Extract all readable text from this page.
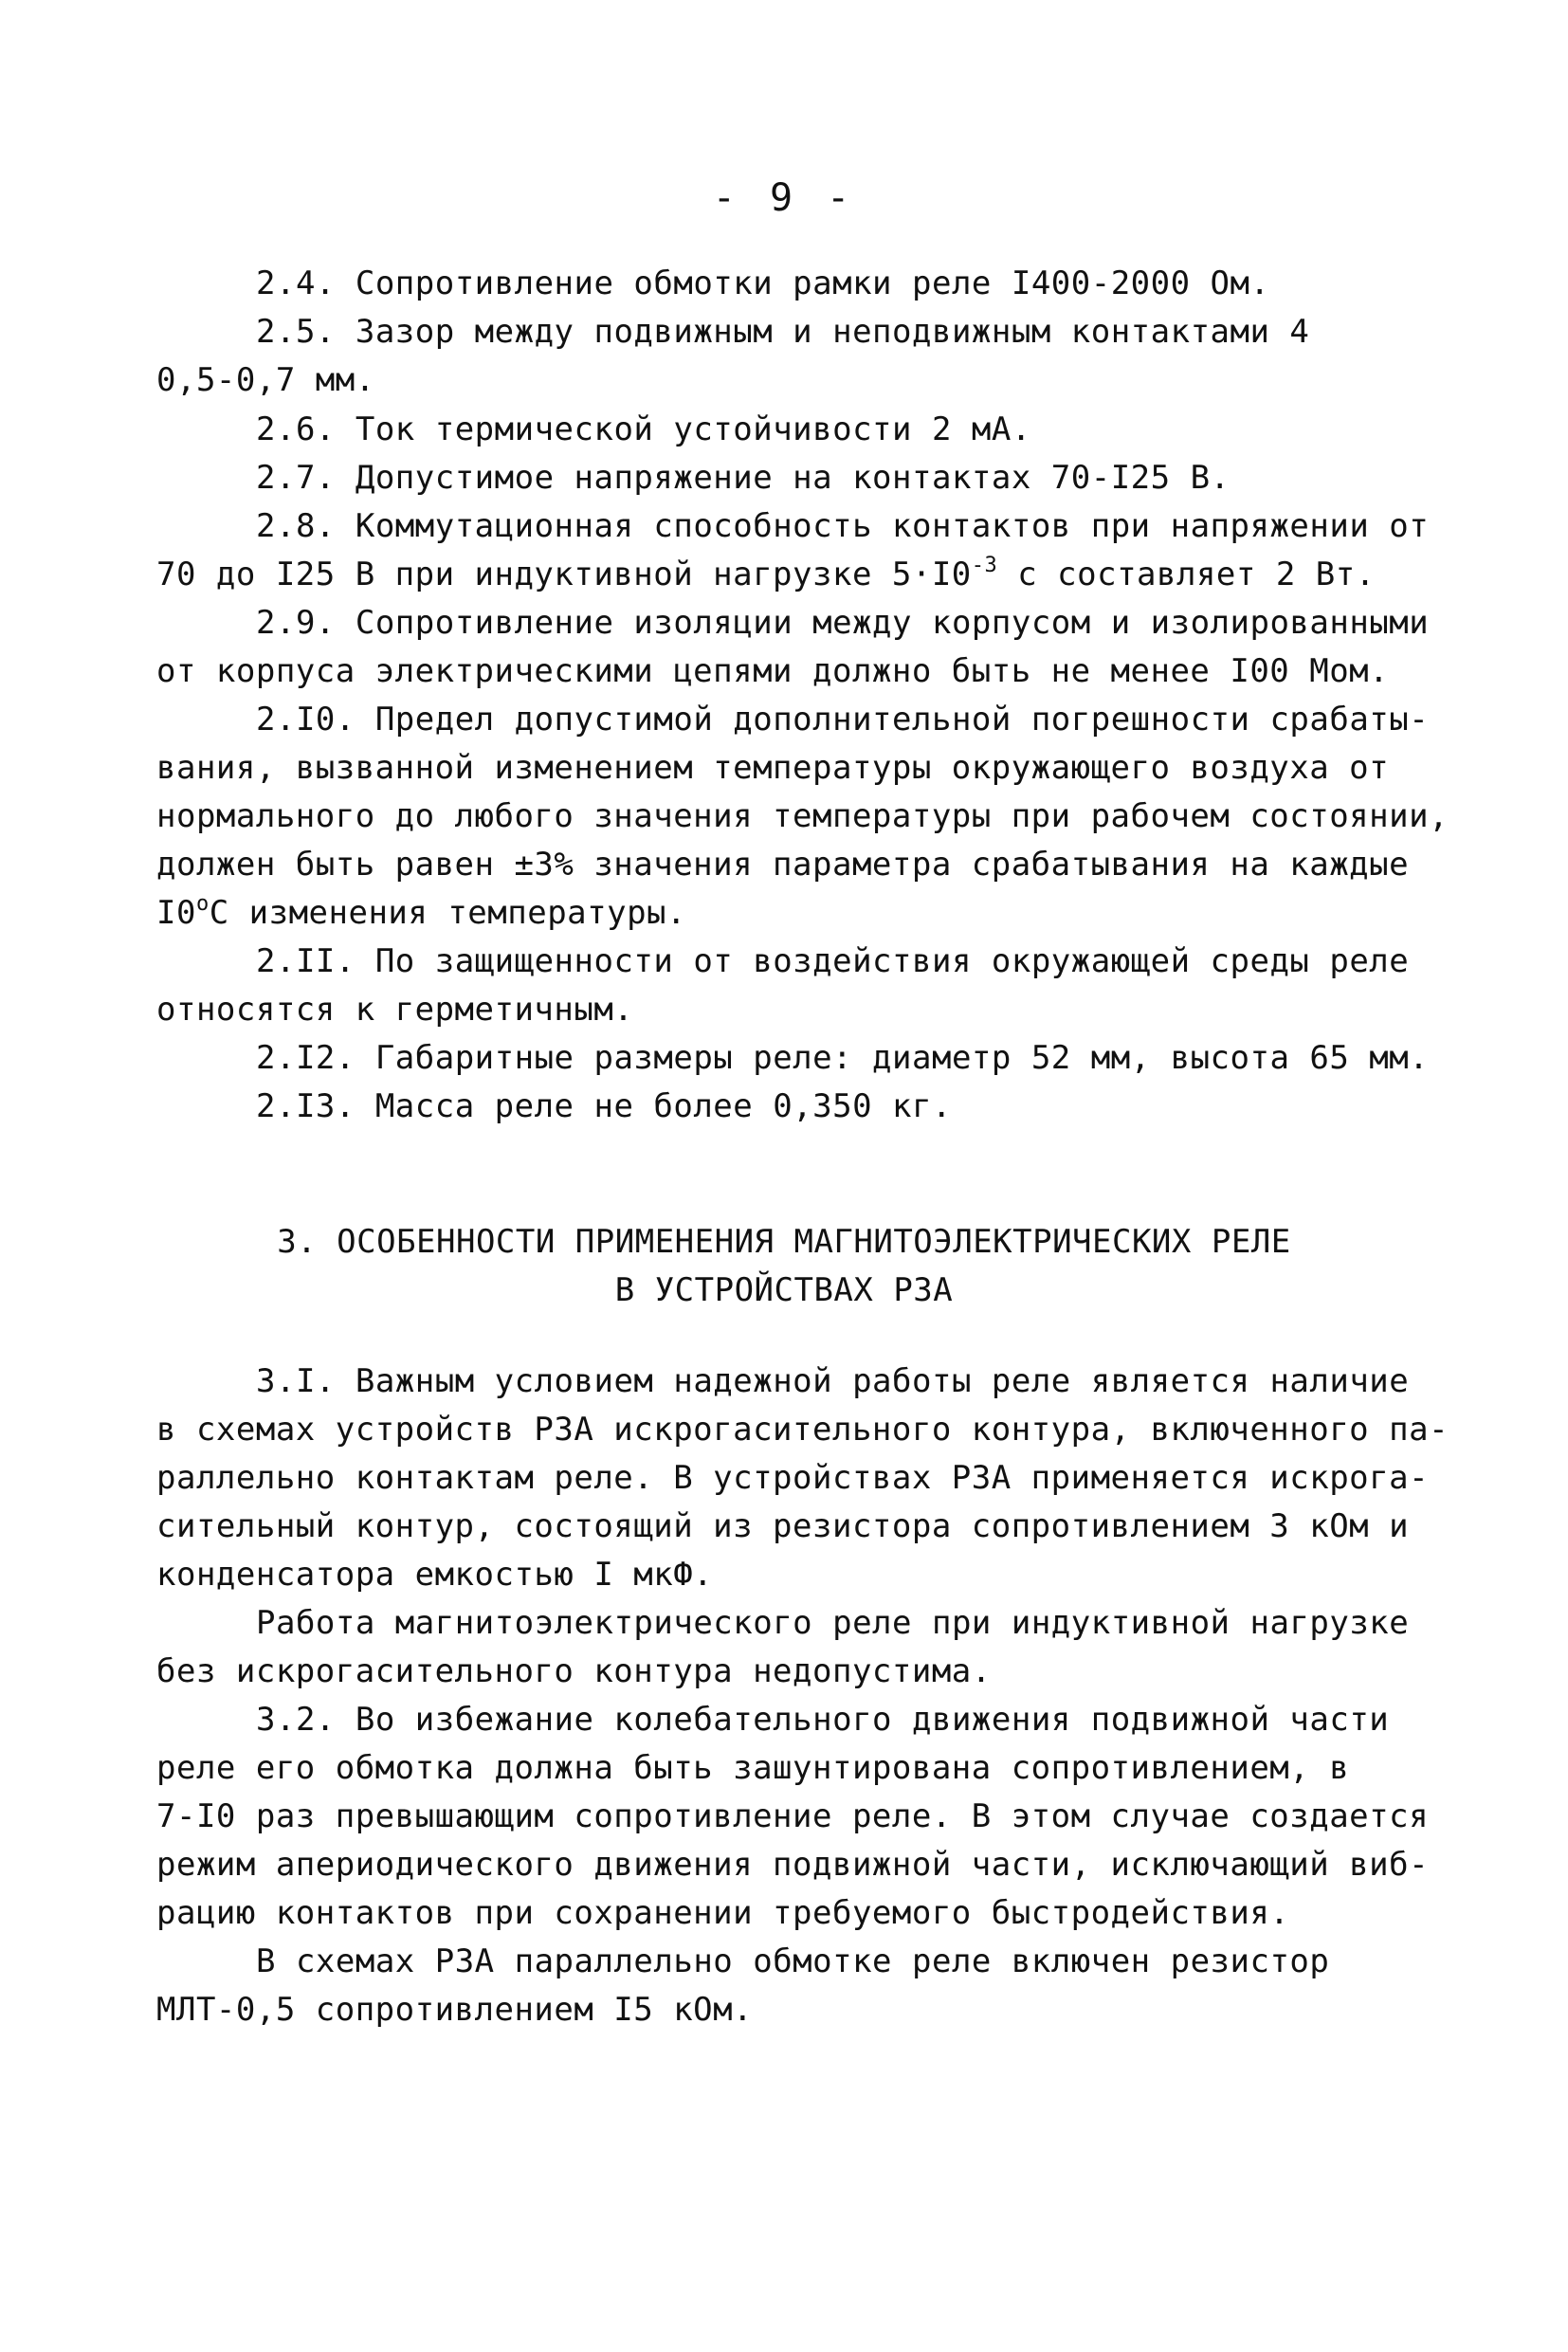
- 9 -
2.4. Сопротивление обмотки рамки реле I400-2000 Ом.
2.5. Зазор между подвижным и неподвижным контактами 4
0,5-0,7 мм.
2.6. Ток термической устойчивости 2 мА.
2.7. Допустимое напряжение на контактах 70-I25 В.
2.8. Коммутационная способность контактов при напряжении от
70 до I25 В при индуктивной нагрузке $5\cdot I0^{-3}$ с составляет 2 Вт.
2.9. Сопротивление изоляции между корпусом и изолированными
от корпуса электрическими цепями должно быть не менее I00 Мом.
2.I0. Предел допустимой дополнительной погрешности срабаты-
вания, вызванной изменением температуры окружающего воздуха от
нормального до любого значения температуры при рабочем состоянии,
должен быть равен ±3% значения параметра срабатывания на каждые
$I0^оС$ изменения температуры.
2.II. По защищенности от воздействия окружающей среды реле
относятся к герметичным.
2.I2. Габаритные размеры реле: диаметр 52 мм, высота 65 мм.
2.I3. Масса реле не более 0,350 кг.
3. ОСОБЕННОСТИ ПРИМЕНЕНИЯ МАГНИТОЭЛЕКТРИЧЕСКИХ РЕЛЕ
В УСТРОЙСТВАХ РЗА
3.I. Важным условием надежной работы реле является наличие
в схемах устройств РЗА искрогасительного контура, включенного па-
раллельно контактам реле. В устройствах РЗА применяется искрога-
сительный контур, состоящий из резистора сопротивлением 3 кОм и
конденсатора емкостью I мкФ.
Работа магнитоэлектрического реле при индуктивной нагрузке
без искрогасительного контура недопустима.
3.2. Во избежание колебательного движения подвижной части
реле его обмотка должна быть зашунтирована сопротивлением, в
7-I0 раз превышающим сопротивление реле. В этом случае создается
режим апериодического движения подвижной части, исключающий виб-
рацию контактов при сохранении требуемого быстродействия.
В схемах РЗА параллельно обмотке реле включен резистор
МЛТ-0,5 сопротивлением I5 кОм.
